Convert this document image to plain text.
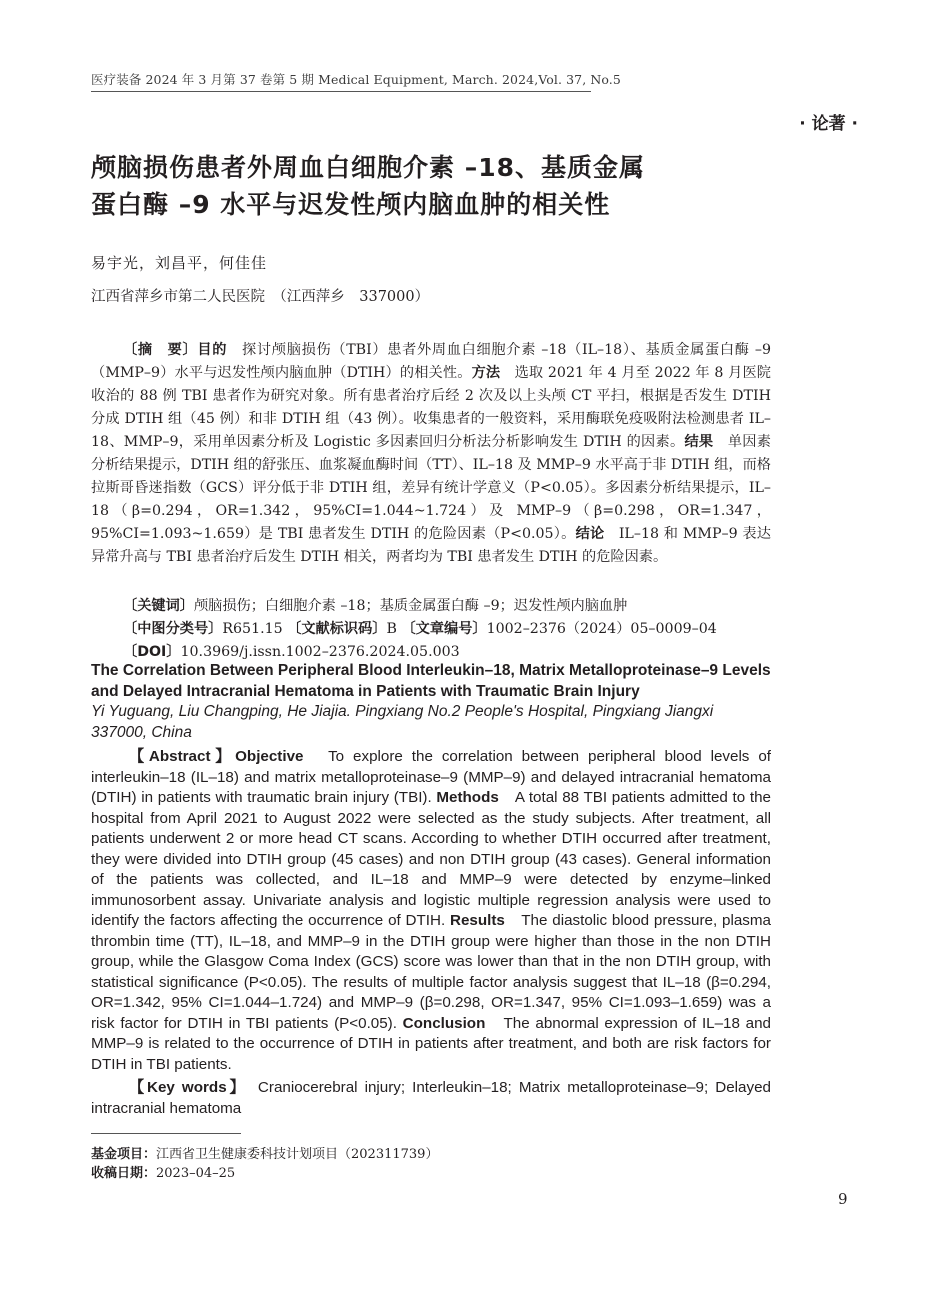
医疗装备 2024 年 3 月第 37 卷第 5 期 Medical Equipment, March. 2024,Vol. 37, No.5
· 论著 ·
颅脑损伤患者外周血白细胞介素 –18、基质金属
蛋白酶 –9 水平与迟发性颅内脑血肿的相关性
易宇光，刘昌平，何佳佳
江西省萍乡市第二人民医院　（江西萍乡　337000）
〔摘　要〕目的　探讨颅脑损伤（TBI）患者外周血白细胞介素 –18（IL–18）、基质金属蛋白酶 –9（MMP–9）水平与迟发性颅内脑血肿（DTIH）的相关性。方法　选取 2021 年 4 月至 2022 年 8 月医院收治的 88 例 TBI 患者作为研究对象。所有患者治疗后经 2 次及以上头颅 CT 平扫，根据是否发生 DTIH 分成 DTIH 组（45 例）和非 DTIH 组（43 例）。收集患者的一般资料，采用酶联免疫吸附法检测患者 IL–18、MMP–9，采用单因素分析及 Logistic 多因素回归分析法分析影响发生 DTIH 的因素。结果　单因素分析结果提示，DTIH 组的舒张压、血浆凝血酶时间（TT）、IL–18 及 MMP–9 水平高于非 DTIH 组，而格拉斯哥昏迷指数（GCS）评分低于非 DTIH 组，差异有统计学意义（P<0.05）。多因素分析结果提示，IL–18（β=0.294，OR=1.342，95%CI=1.044~1.724）及 MMP–9（β=0.298，OR=1.347，95%CI=1.093~1.659）是 TBI 患者发生 DTIH 的危险因素（P<0.05）。结论　IL–18 和 MMP–9 表达异常升高与 TBI 患者治疗后发生 DTIH 相关，两者均为 TBI 患者发生 DTIH 的危险因素。
〔关键词〕颅脑损伤；白细胞介素 –18；基质金属蛋白酶 –9；迟发性颅内脑血肿
〔中图分类号〕R651.15 〔文献标识码〕B 〔文章编号〕1002–2376（2024）05–0009–04
〔DOI〕10.3969/j.issn.1002–2376.2024.05.003
The Correlation Between Peripheral Blood Interleukin–18, Matrix Metalloproteinase–9 Levels and Delayed Intracranial Hematoma in Patients with Traumatic Brain Injury
Yi Yuguang, Liu Changping, He Jiajia. Pingxiang No.2 People's Hospital, Pingxiang Jiangxi 337000, China
【Abstract】Objective　To explore the correlation between peripheral blood levels of interleukin–18 (IL–18) and matrix metalloproteinase–9 (MMP–9) and delayed intracranial hematoma (DTIH) in patients with traumatic brain injury (TBI). Methods　A total 88 TBI patients admitted to the hospital from April 2021 to August 2022 were selected as the study subjects. After treatment, all patients underwent 2 or more head CT scans. According to whether DTIH occurred after treatment, they were divided into DTIH group (45 cases) and non DTIH group (43 cases). General information of the patients was collected, and IL–18 and MMP–9 were detected by enzyme–linked immunosorbent assay. Univariate analysis and logistic multiple regression analysis were used to identify the factors affecting the occurrence of DTIH. Results　The diastolic blood pressure, plasma thrombin time (TT), IL–18, and MMP–9 in the DTIH group were higher than those in the non DTIH group, while the Glasgow Coma Index (GCS) score was lower than that in the non DTIH group, with statistical significance (P<0.05). The results of multiple factor analysis suggest that IL–18 (β=0.294, OR=1.342, 95% CI=1.044–1.724) and MMP–9 (β=0.298, OR=1.347, 95% CI=1.093–1.659) was a risk factor for DTIH in TBI patients (P<0.05). Conclusion　The abnormal expression of IL–18 and MMP–9 is related to the occurrence of DTIH in patients after treatment, and both are risk factors for DTIH in TBI patients.
【Key words】　Craniocerebral injury; Interleukin–18; Matrix metalloproteinase–9; Delayed intracranial hematoma
基金项目：江西省卫生健康委科技计划项目（202311739）
收稿日期：2023–04–25
9
